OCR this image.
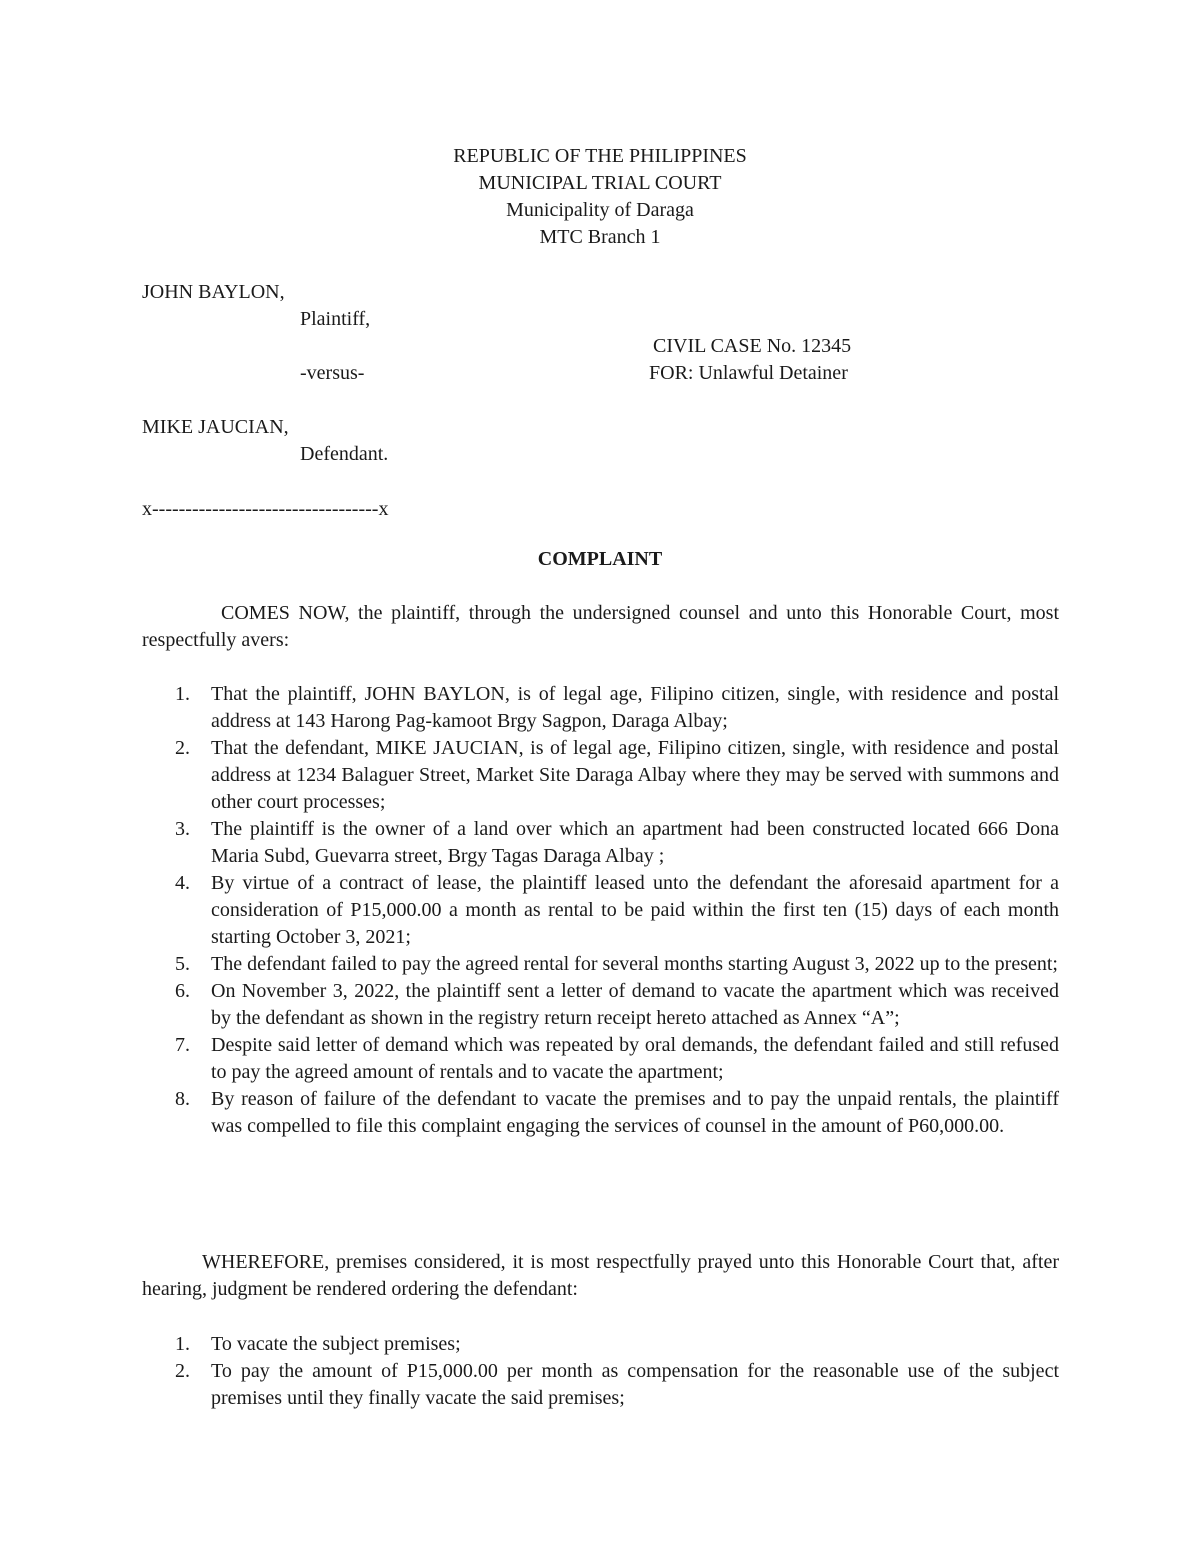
REPUBLIC OF THE PHILIPPINES
MUNICIPAL TRIAL COURT
Municipality of Daraga
MTC Branch 1
JOHN BAYLON,
Plaintiff,
CIVIL CASE No. 12345
-versus-	FOR: Unlawful Detainer
MIKE JAUCIAN,
Defendant.
x----------------------------------x
COMPLAINT
COMES NOW, the plaintiff, through the undersigned counsel and unto this Honorable Court, most respectfully avers:
1. That the plaintiff, JOHN BAYLON, is of legal age, Filipino citizen, single, with residence and postal address at 143 Harong Pag-kamoot Brgy Sagpon, Daraga Albay;
2. That the defendant, MIKE JAUCIAN, is of legal age, Filipino citizen, single, with residence and postal address at 1234 Balaguer Street, Market Site Daraga Albay where they may be served with summons and other court processes;
3. The plaintiff is the owner of a land over which an apartment had been constructed located 666 Dona Maria Subd, Guevarra street, Brgy Tagas Daraga Albay ;
4. By virtue of a contract of lease, the plaintiff leased unto the defendant the aforesaid apartment for a consideration of P15,000.00 a month as rental to be paid within the first ten (15) days of each month starting October 3, 2021;
5. The defendant failed to pay the agreed rental for several months starting August 3, 2022 up to the present;
6. On November 3, 2022, the plaintiff sent a letter of demand to vacate the apartment which was received by the defendant as shown in the registry return receipt hereto attached as Annex “A”;
7. Despite said letter of demand which was repeated by oral demands, the defendant failed and still refused to pay the agreed amount of rentals and to vacate the apartment;
8. By reason of failure of the defendant to vacate the premises and to pay the unpaid rentals, the plaintiff was compelled to file this complaint engaging the services of counsel in the amount of P60,000.00.
WHEREFORE, premises considered, it is most respectfully prayed unto this Honorable Court that, after hearing, judgment be rendered ordering the defendant:
1. To vacate the subject premises;
2. To pay the amount of P15,000.00 per month as compensation for the reasonable use of the subject premises until they finally vacate the said premises;
